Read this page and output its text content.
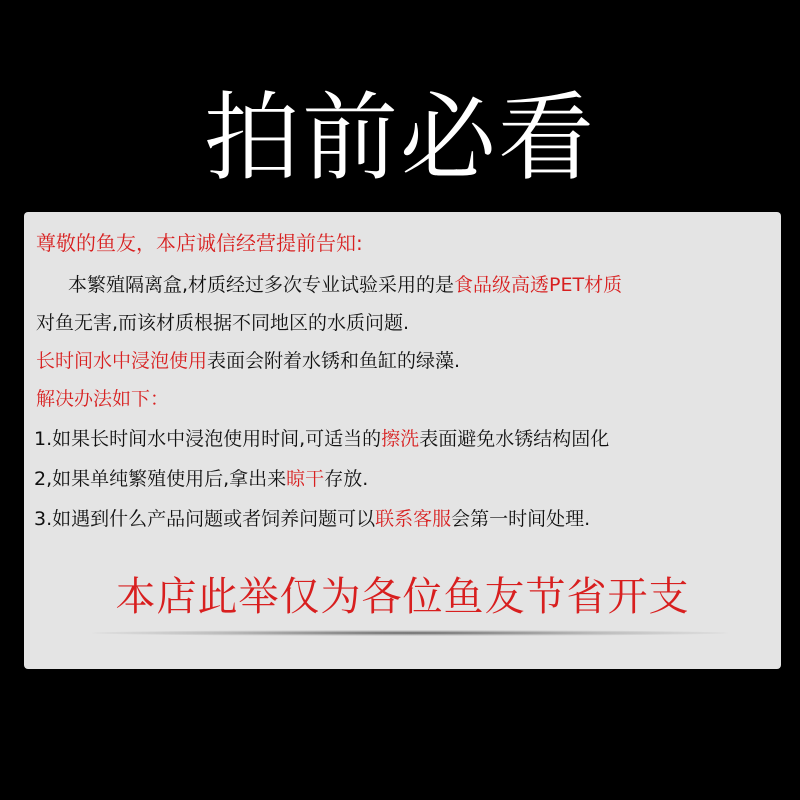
拍前必看
尊敬的鱼友，本店诚信经营提前告知:
本繁殖隔离盒,材质经过多次专业试验采用的是食品级高透PET材质
对鱼无害,而该材质根据不同地区的水质问题.
长时间水中浸泡使用表面会附着水锈和鱼缸的绿藻.
解决办法如下：
1.如果长时间水中浸泡使用时间,可适当的擦洗表面避免水锈结构固化
2,如果单纯繁殖使用后,拿出来晾干存放.
3.如遇到什么产品问题或者饲养问题可以联系客服会第一时间处理.
本店此举仅为各位鱼友节省开支
